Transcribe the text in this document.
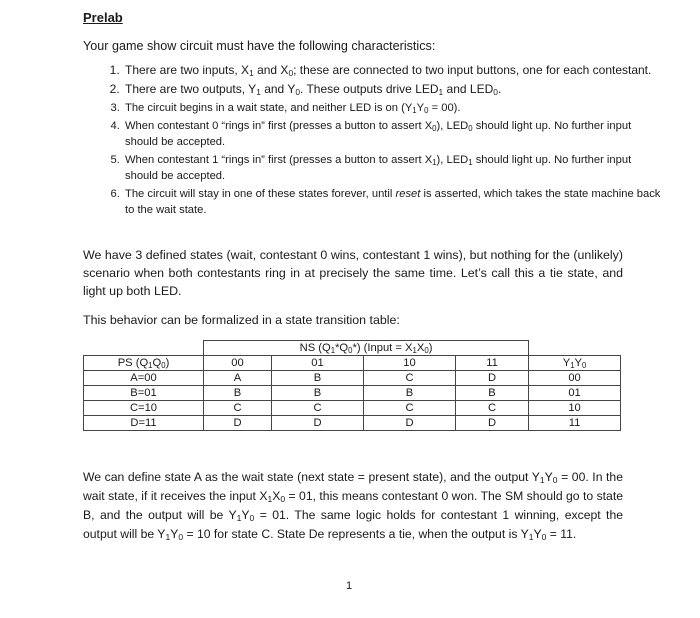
Prelab
Your game show circuit must have the following characteristics:
1. There are two inputs, $X_1$ and $X_0$; these are connected to two input buttons, one for each contestant.
2. There are two outputs, $Y_1$ and $Y_0$. These outputs drive $LED_1$ and $LED_0$.
3. The circuit begins in a wait state, and neither LED is on $(Y_1Y_0 = 00)$.
4. When contestant 0 “rings in” first (presses a button to assert $X_0$), $LED_0$ should light up. No further input should be accepted.
5. When contestant 1 “rings in” first (presses a button to assert $X_1$), $LED_1$ should light up. No further input should be accepted.
6. The circuit will stay in one of these states forever, until reset is asserted, which takes the state machine back to the wait state.
We have 3 defined states (wait, contestant 0 wins, contestant 1 wins), but nothing for the (unlikely) scenario when both contestants ring in at precisely the same time. Let’s call this a tie state, and light up both LED.
This behavior can be formalized in a state transition table:
	NS $(Q_1*Q_0*)$ (Input = $X_1X_0$)				
PS $(Q_1Q_0)$	00	01	10	11	$Y_1Y_0$
A=00	A	B	C	D	00
B=01	B	B	B	B	01
C=10	C	C	C	C	10
D=11	D	D	D	D	11
We can define state A as the wait state (next state = present state), and the output $Y_1Y_0 = 00$. In the wait state, if it receives the input $X_1X_0 = 01$, this means contestant 0 won. The SM should go to state B, and the output will be $Y_1Y_0 = 01$. The same logic holds for contestant 1 winning, except the output will be $Y_1Y_0 = 10$ for state C. State De represents a tie, when the output is $Y_1Y_0 = 11$.
1
